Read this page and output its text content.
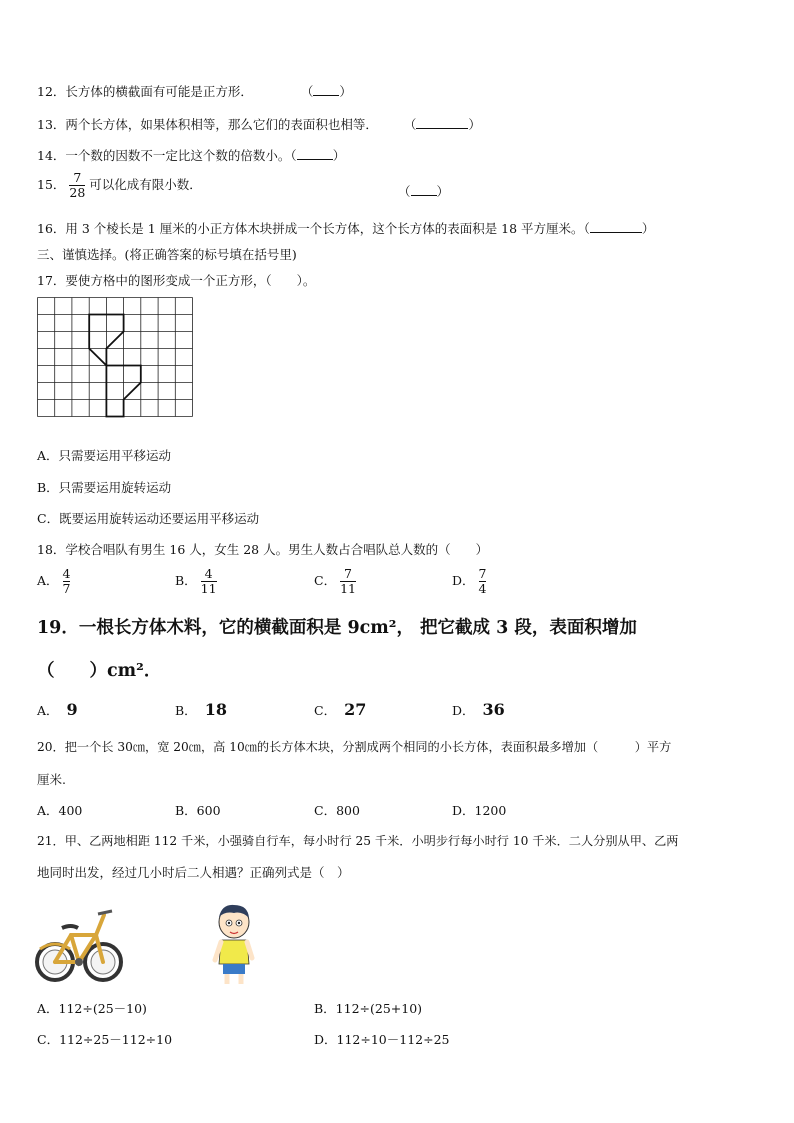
12．长方体的横截面有可能是正方形．	（ ）
13．两个长方体，如果体积相等，那么它们的表面积也相等． （	）
14．一个数的因数不一定比这个数的倍数小。（	）
15． $\frac{7}{28}$ 可以化成有限小数．	（ ）
16．用 3 个棱长是 1 厘米的小正方体木块拼成一个长方体，这个长方体的表面积是 18 平方厘米。（	）
三、谨慎选择。(将正确答案的标号填在括号里)
17．要使方格中的图形变成一个正方形，（　　）。
A．只需要运用平移运动
B．只需要运用旋转运动
C．既要运用旋转运动还要运用平移运动
18．学校合唱队有男生 16 人，女生 28 人。男生人数占合唱队总人数的（　　）
A． $\frac{4}{7}$	B． $\frac{4}{11}$	C． $\frac{7}{11}$	D． $\frac{7}{4}$
19．一根长方体木料，它的横截面积是 9cm²， 把它截成 3 段，表面积增加
（　　）cm²．
A． 9	B． 18	C． 27	D． 36
20．把一个长 30㎝，宽 20㎝，高 10㎝的长方体木块，分割成两个相同的小长方体，表面积最多增加（　　　）平方
厘米.
A．400	B．600	C．800	D．1200
21．甲、乙两地相距 112 千米，小强骑自行车，每小时行 25 千米．小明步行每小时行 10 千米．二人分别从甲、乙两
地同时出发，经过几小时后二人相遇？正确列式是（　）
A．112÷(25－10)	B．112÷(25+10)
C．112÷25－112÷10	D．112÷10－112÷25
